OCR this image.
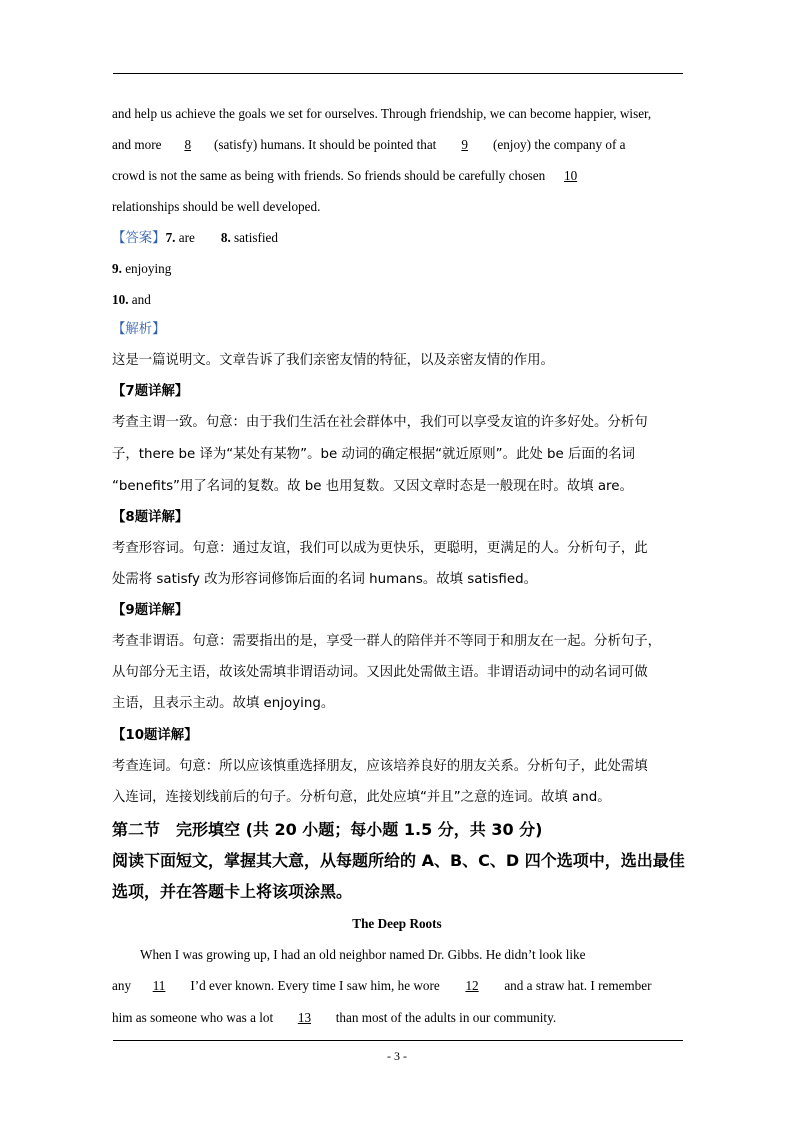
and help us achieve the goals we set for ourselves. Through friendship, we can become happier, wiser,
and more 8 (satisfy) humans. It should be pointed that 9 (enjoy) the company of a
crowd is not the same as being with friends. So friends should be carefully chosen 10
relationships should be well developed.
【答案】7. are 8. satisfied
9. enjoying
10. and
【解析】
这是一篇说明文。文章告诉了我们亲密友情的特征，以及亲密友情的作用。
【7题详解】
考查主谓一致。句意：由于我们生活在社会群体中，我们可以享受友谊的许多好处。分析句
子，there be 译为“某处有某物”。be 动词的确定根据“就近原则”。此处 be 后面的名词
“benefits”用了名词的复数。故 be 也用复数。又因文章时态是一般现在时。故填 are。
【8题详解】
考查形容词。句意：通过友谊，我们可以成为更快乐，更聪明，更满足的人。分析句子，此
处需将 satisfy 改为形容词修饰后面的名词 humans。故填 satisfied。
【9题详解】
考查非谓语。句意：需要指出的是，享受一群人的陪伴并不等同于和朋友在一起。分析句子，
从句部分无主语，故该处需填非谓语动词。又因此处需做主语。非谓语动词中的动名词可做
主语，且表示主动。故填 enjoying。
【10题详解】
考查连词。句意：所以应该慎重选择朋友，应该培养良好的朋友关系。分析句子，此处需填
入连词，连接划线前后的句子。分析句意，此处应填“并且”之意的连词。故填 and。
第二节　完形填空 (共 20 小题；每小题 1.5 分，共 30 分)
阅读下面短文，掌握其大意，从每题所给的 A、B、C、D 四个选项中，选出最佳
选项，并在答题卡上将该项涂黑。
The Deep Roots
When I was growing up, I had an old neighbor named Dr. Gibbs. He didn’t look like
any 11 I’d ever known. Every time I saw him, he wore 12 and a straw hat. I remember
him as someone who was a lot 13 than most of the adults in our community.
- 3 -
